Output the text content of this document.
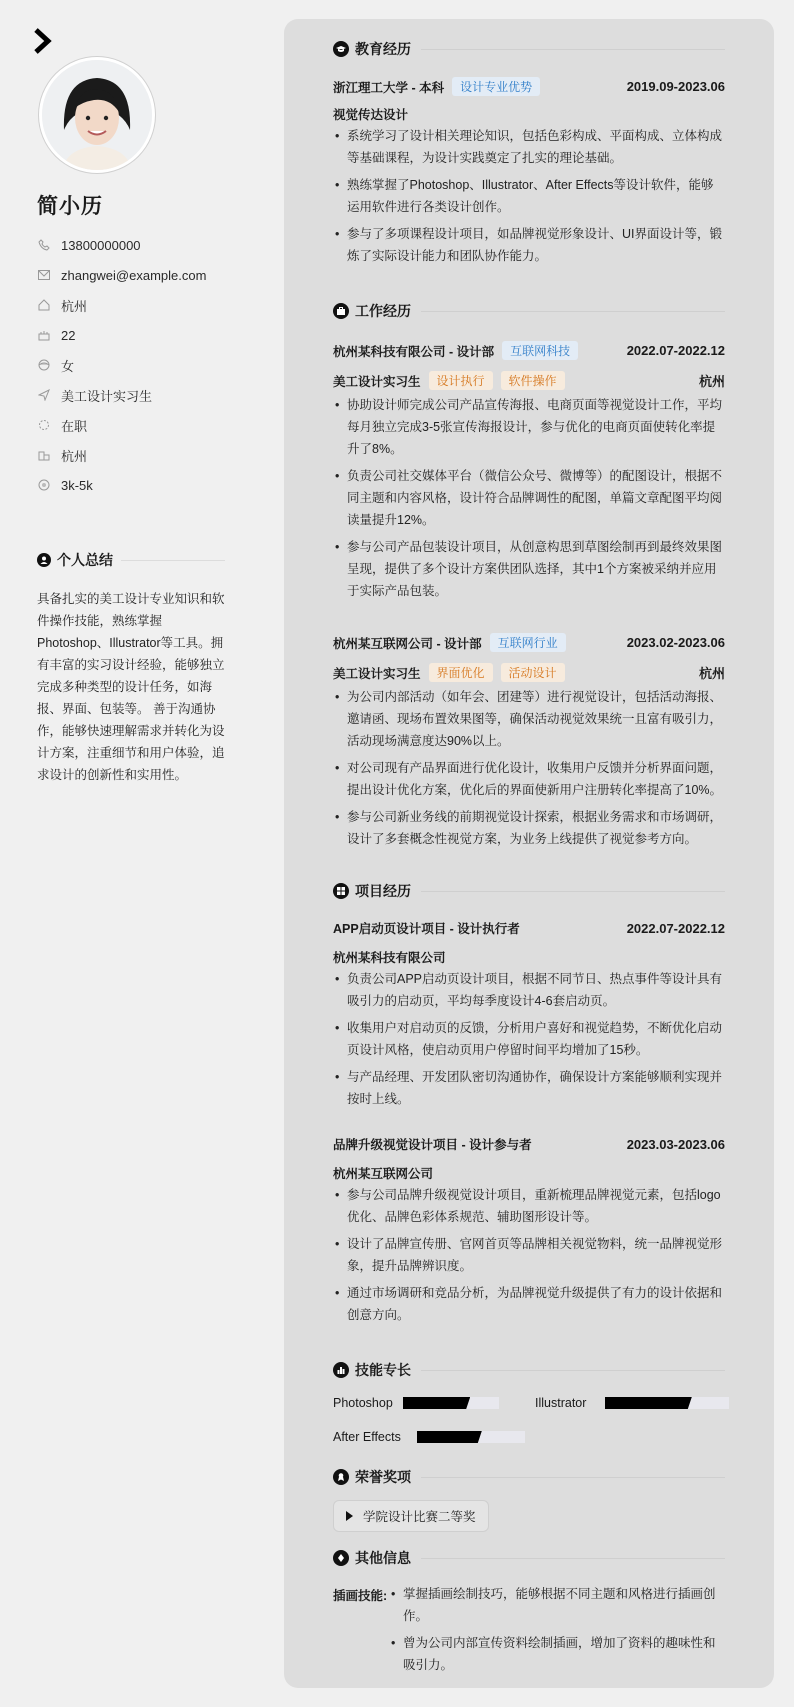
简小历
13800000000
zhangwei@example.com
杭州
22
女
美工设计实习生
在职
杭州
3k-5k
个人总结
具备扎实的美工设计专业知识和软件操作技能，熟练掌握Photoshop、Illustrator等工具。拥有丰富的实习设计经验，能够独立完成多种类型的设计任务，如海报、界面、包装等。 善于沟通协作，能够快速理解需求并转化为设计方案，注重细节和用户体验，追求设计的创新性和实用性。
教育经历
浙江理工大学 - 本科	设计专业优势	2019.09-2023.06
视觉传达设计
• 系统学习了设计相关理论知识，包括色彩构成、平面构成、立体构成等基础课程，为设计实践奠定了扎实的理论基础。
• 熟练掌握了Photoshop、Illustrator、After Effects等设计软件，能够运用软件进行各类设计创作。
• 参与了多项课程设计项目，如品牌视觉形象设计、UI界面设计等，锻炼了实际设计能力和团队协作能力。
工作经历
杭州某科技有限公司 - 设计部	互联网科技	2022.07-2022.12
美工设计实习生	设计执行	软件操作	杭州
• 协助设计师完成公司产品宣传海报、电商页面等视觉设计工作，平均每月独立完成3-5张宣传海报设计，参与优化的电商页面使转化率提升了8%。
• 负责公司社交媒体平台（微信公众号、微博等）的配图设计，根据不同主题和内容风格，设计符合品牌调性的配图，单篇文章配图平均阅读量提升12%。
• 参与公司产品包装设计项目，从创意构思到草图绘制再到最终效果图呈现，提供了多个设计方案供团队选择，其中1个方案被采纳并应用于实际产品包装。
杭州某互联网公司 - 设计部	互联网行业	2023.02-2023.06
美工设计实习生	界面优化	活动设计	杭州
• 为公司内部活动（如年会、团建等）进行视觉设计，包括活动海报、邀请函、现场布置效果图等，确保活动视觉效果统一且富有吸引力，活动现场满意度达90%以上。
• 对公司现有产品界面进行优化设计，收集用户反馈并分析界面问题，提出设计优化方案，优化后的界面使新用户注册转化率提高了10%。
• 参与公司新业务线的前期视觉设计探索，根据业务需求和市场调研，设计了多套概念性视觉方案，为业务上线提供了视觉参考方向。
项目经历
APP启动页设计项目 - 设计执行者	2022.07-2022.12
杭州某科技有限公司
• 负责公司APP启动页设计项目，根据不同节日、热点事件等设计具有吸引力的启动页，平均每季度设计4-6套启动页。
• 收集用户对启动页的反馈，分析用户喜好和视觉趋势，不断优化启动页设计风格，使启动页用户停留时间平均增加了15秒。
• 与产品经理、开发团队密切沟通协作，确保设计方案能够顺利实现并按时上线。
品牌升级视觉设计项目 - 设计参与者	2023.03-2023.06
杭州某互联网公司
• 参与公司品牌升级视觉设计项目，重新梳理品牌视觉元素，包括logo优化、品牌色彩体系规范、辅助图形设计等。
• 设计了品牌宣传册、官网首页等品牌相关视觉物料，统一品牌视觉形象，提升品牌辨识度。
• 通过市场调研和竞品分析，为品牌视觉升级提供了有力的设计依据和创意方向。
技能专长
Photoshop	Illustrator
After Effects
荣誉奖项
学院设计比赛二等奖
其他信息
插画技能:
•	掌握插画绘制技巧，能够根据不同主题和风格进行插画创作。
• 曾为公司内部宣传资料绘制插画，增加了资料的趣味性和吸引力。
